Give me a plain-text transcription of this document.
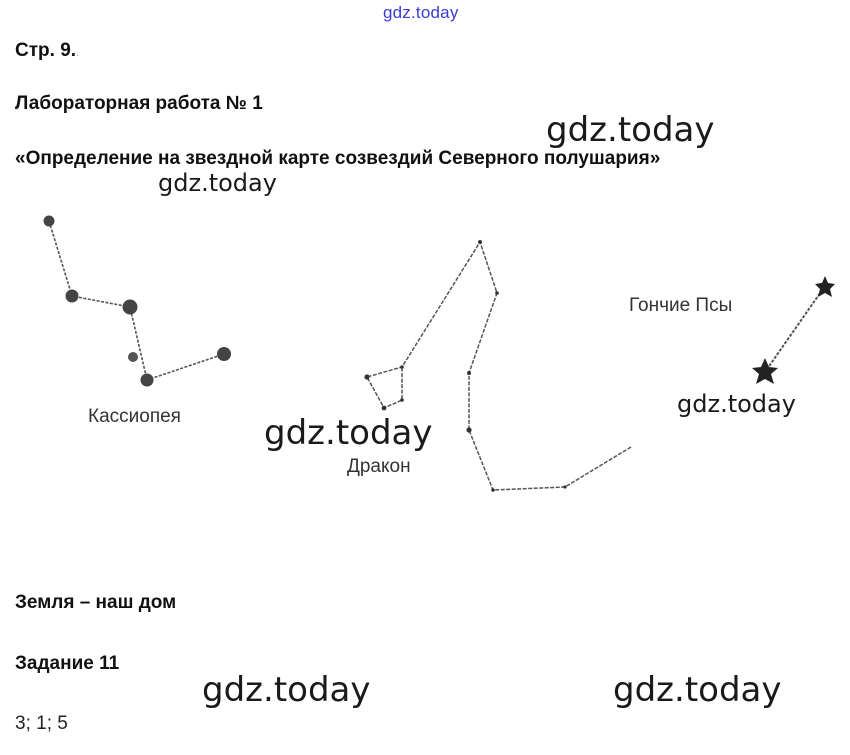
gdz.today
Стр. 9..
Лабораторная работа № 1
«Определение на звездной карте созвездий Северного полушария»
Кассиопея
Дракон
Гончие Псы
gdz.today
gdz.today
gdz.today
gdz.today
gdz.today	gdz.today
Земля – наш дом
Задание 11
3; 1; 5
